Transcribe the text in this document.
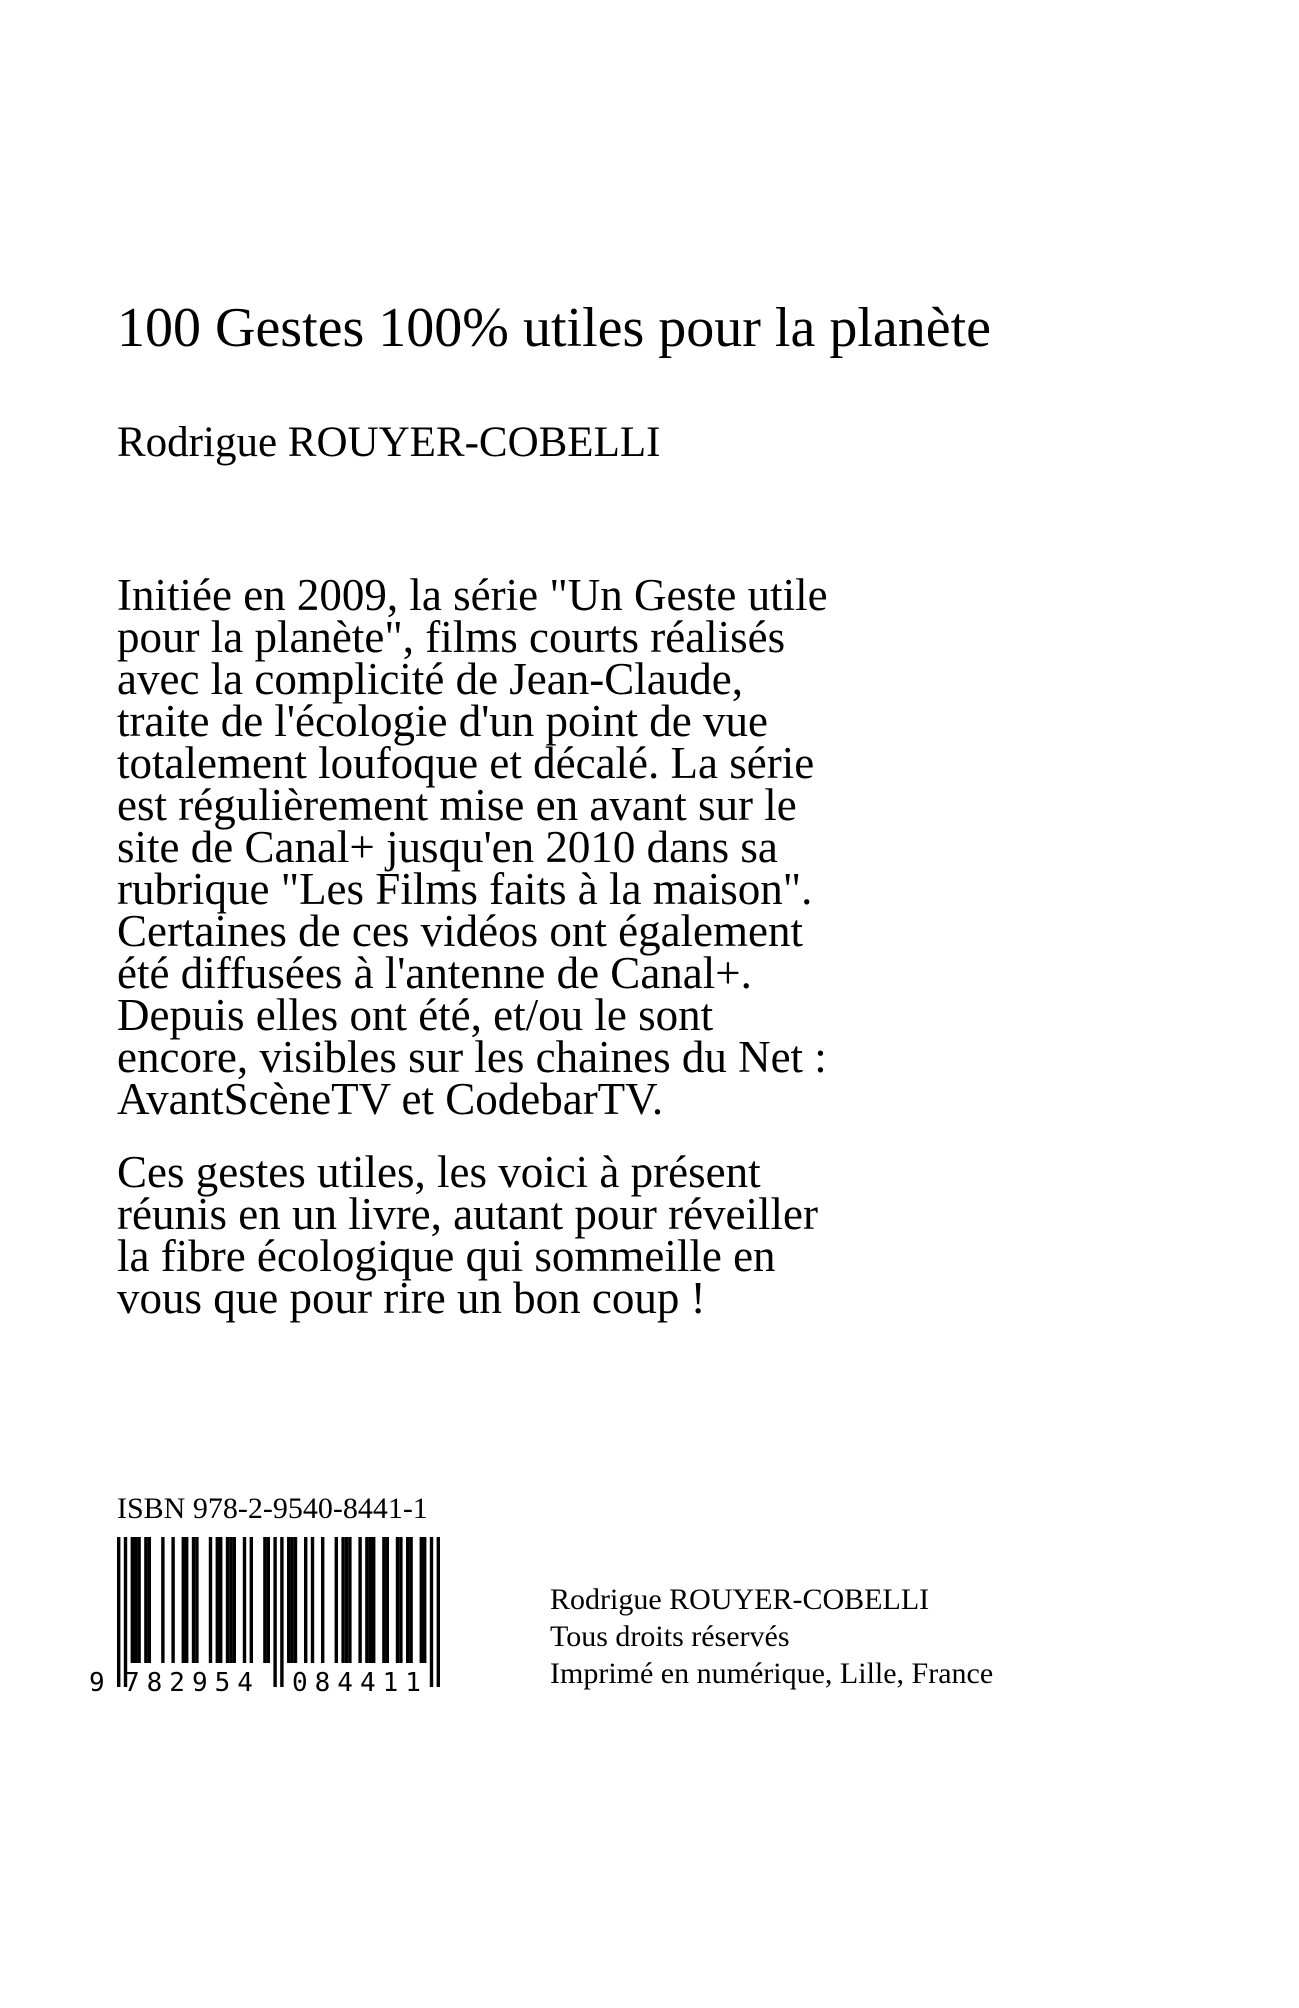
100 Gestes 100% utiles pour la planète
Rodrigue ROUYER-COBELLI

Initiée en 2009, la série "Un Geste utile

pour la planète", films courts réalisés

avec la complicité de Jean-Claude,

traite de l'écologie d'un point de vue

totalement loufoque et décalé. La série

est régulièrement mise en avant sur le

site de Canal+ jusqu'en 2010 dans sa

rubrique "Les Films faits à la maison".

Certaines de ces vidéos ont également

été diffusées à l'antenne de Canal+.

Depuis elles ont été, et/ou le sont

encore, visibles sur les chaines du Net :

AvantScèneTV et CodebarTV.

Ces gestes utiles, les voici à présent

réunis en un livre, autant pour réveiller

la fibre écologique qui sommeille en

vous que pour rire un bon coup !

ISBN 978-2-9540-8441-1
9 782954 084411
Rodrigue ROUYER-COBELLI
Tous droits réservés
Imprimé en numérique, Lille, France
